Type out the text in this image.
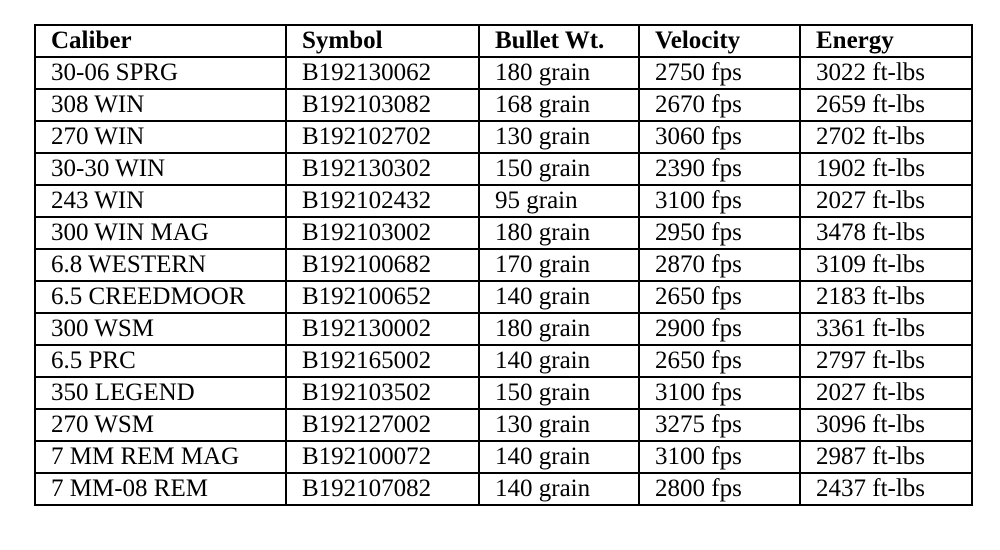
Caliber	Symbol	Bullet Wt.	Velocity	Energy
30-06 SPRG	B192130062	180 grain	2750 fps	3022 ft-lbs
308 WIN	B192103082	168 grain	2670 fps	2659 ft-lbs
270 WIN	B192102702	130 grain	3060 fps	2702 ft-lbs
30-30 WIN	B192130302	150 grain	2390 fps	1902 ft-lbs
243 WIN	B192102432	95 grain	3100 fps	2027 ft-lbs
300 WIN MAG	B192103002	180 grain	2950 fps	3478 ft-lbs
6.8 WESTERN	B192100682	170 grain	2870 fps	3109 ft-lbs
6.5 CREEDMOOR	B192100652	140 grain	2650 fps	2183 ft-lbs
300 WSM	B192130002	180 grain	2900 fps	3361 ft-lbs
6.5 PRC	B192165002	140 grain	2650 fps	2797 ft-lbs
350 LEGEND	B192103502	150 grain	3100 fps	2027 ft-lbs
270 WSM	B192127002	130 grain	3275 fps	3096 ft-lbs
7 MM REM MAG	B192100072	140 grain	3100 fps	2987 ft-lbs
7 MM-08 REM	B192107082	140 grain	2800 fps	2437 ft-lbs
